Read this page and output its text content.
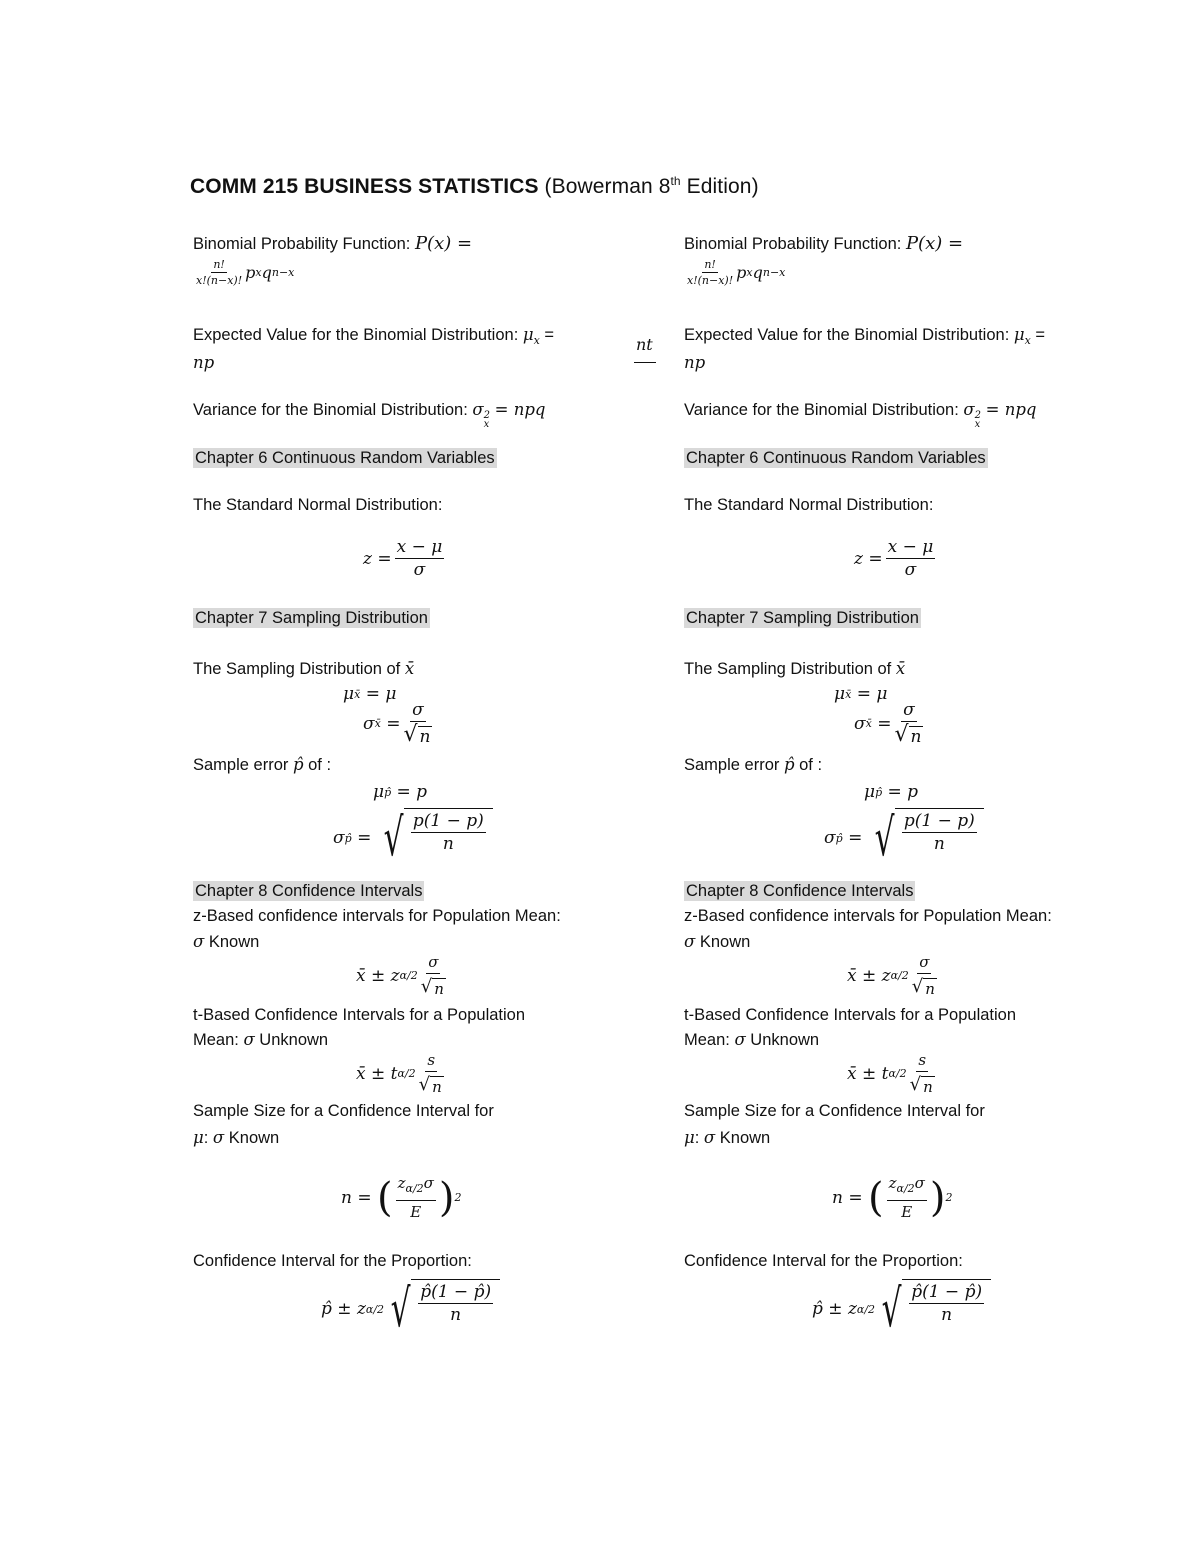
COMM 215 BUSINESS STATISTICS (Bowerman 8th Edition)
nt
Binomial Probability Function: P(x) =
$\frac{n!}{x!(n-x)!}$ p x q n−x
Expected Value for the Binomial Distribution: $\mu_x$ =
np
Variance for the Binomial Distribution: σ 2
x
= npq
Chapter 6 Continuous Random Variables
The Standard Normal Distribution:
$z = \frac{x - \mu}{\sigma}$
Chapter 7 Sampling Distribution
The Sampling Distribution of x̄
μ x̄
= μ
σ x̄
= $\frac{\sigma}{√ n}$
Sample error p̂ of :
μ p̂
= p
σ p̂
=
√ $\frac{p(1 - p)}{n}$
Chapter 8 Confidence Intervals
z-Based confidence intervals for Population Mean:
σ Known
x̄ ± z $\alpha/2 \frac{\sigma}{√ n}$
t-Based Confidence Intervals for a Population
Mean: σ Unknown
x̄ ± t $\alpha/2 \frac{s}{√ n}$
Sample Size for a Confidence Interval for
μ: σ Known
n =
( $\frac{z_{\alpha/2}\sigma}{E}$ ) 2
Confidence Interval for the Proportion:
p̂ ±
z α/2 √ $\frac{p̂(1 - p̂)}{n}$
Binomial Probability Function: P(x) =
$\frac{n!}{x!(n-x)!}$ p x q n−x
Expected Value for the Binomial Distribution: $\mu_x$ =
np
Variance for the Binomial Distribution: σ 2
x
= npq
Chapter 6 Continuous Random Variables
The Standard Normal Distribution:
$z = \frac{x - \mu}{\sigma}$
Chapter 7 Sampling Distribution
The Sampling Distribution of x̄
μ x̄
= μ
σ x̄
= $\frac{\sigma}{√ n}$
Sample error p̂ of :
μ p̂
= p
σ p̂
=
√ $\frac{p(1 - p)}{n}$
Chapter 8 Confidence Intervals
z-Based confidence intervals for Population Mean:
σ Known
x̄ ± z $\alpha/2 \frac{\sigma}{√ n}$
t-Based Confidence Intervals for a Population
Mean: σ Unknown
x̄ ± t $\alpha/2 \frac{s}{√ n}$
Sample Size for a Confidence Interval for
μ: σ Known
n =
( $\frac{z_{\alpha/2}\sigma}{E}$ ) 2
Confidence Interval for the Proportion:
p̂ ±
z α/2 √ $\frac{p̂(1 - p̂)}{n}$
